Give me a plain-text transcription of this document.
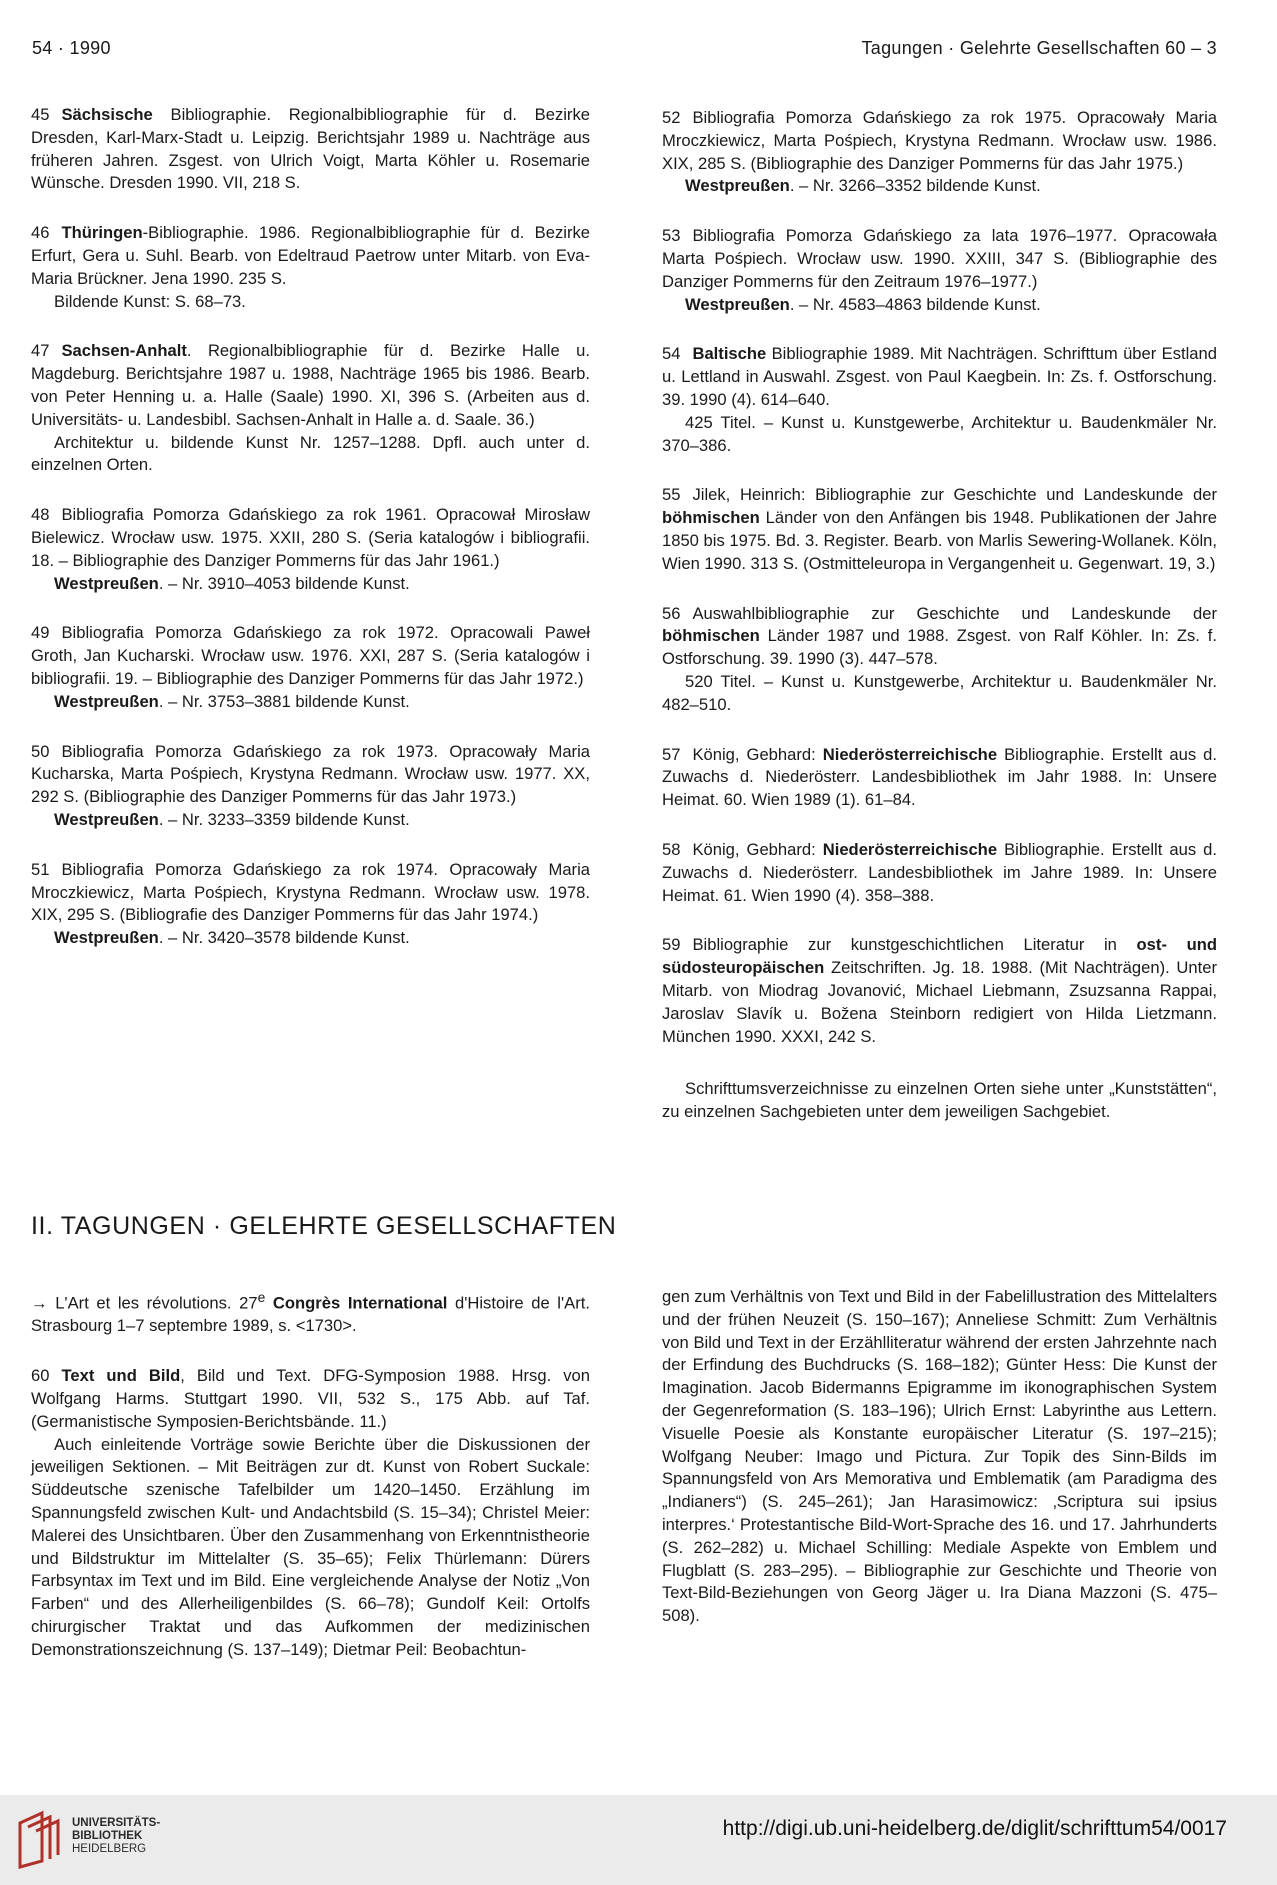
54 · 1990	Tagungen · Gelehrte Gesellschaften 60 – 3

45 Sächsische Bibliographie. Regionalbibliographie für d. Bezirke Dresden, Karl-Marx-Stadt u. Leipzig. Berichtsjahr 1989 u. Nachträge aus früheren Jahren. Zsgest. von Ulrich Voigt, Marta Köhler u. Rosemarie Wünsche. Dresden 1990. VII, 218 S.

46 Thüringen-Bibliographie. 1986. Regionalbibliographie für d. Bezirke Erfurt, Gera u. Suhl. Bearb. von Edeltraud Paetrow unter Mitarb. von Eva-Maria Brückner. Jena 1990. 235 S.

Bildende Kunst: S. 68–73.

47 Sachsen-Anhalt. Regionalbibliographie für d. Bezirke Halle u. Magdeburg. Berichtsjahre 1987 u. 1988, Nachträge 1965 bis 1986. Bearb. von Peter Henning u. a. Halle (Saale) 1990. XI, 396 S. (Arbeiten aus d. Universitäts- u. Landesbibl. Sachsen-Anhalt in Halle a. d. Saale. 36.)

Architektur u. bildende Kunst Nr. 1257–1288. Dpfl. auch unter d. einzelnen Orten.

48 Bibliografia Pomorza Gdańskiego za rok 1961. Opracował Mirosław Bielewicz. Wrocław usw. 1975. XXII, 280 S. (Seria katalogów i bibliografii. 18. – Bibliographie des Danziger Pommerns für das Jahr 1961.)

Westpreußen. – Nr. 3910–4053 bildende Kunst.

49 Bibliografia Pomorza Gdańskiego za rok 1972. Opracowali Paweł Groth, Jan Kucharski. Wrocław usw. 1976. XXI, 287 S. (Seria katalogów i bibliografii. 19. – Bibliographie des Danziger Pommerns für das Jahr 1972.)

Westpreußen. – Nr. 3753–3881 bildende Kunst.

50 Bibliografia Pomorza Gdańskiego za rok 1973. Opracowały Maria Kucharska, Marta Pośpiech, Krystyna Redmann. Wrocław usw. 1977. XX, 292 S. (Bibliographie des Danziger Pommerns für das Jahr 1973.)

Westpreußen. – Nr. 3233–3359 bildende Kunst.

51 Bibliografia Pomorza Gdańskiego za rok 1974. Opracowały Maria Mroczkiewicz, Marta Pośpiech, Krystyna Redmann. Wrocław usw. 1978. XIX, 295 S. (Bibliografie des Danziger Pommerns für das Jahr 1974.)

Westpreußen. – Nr. 3420–3578 bildende Kunst.

52 Bibliografia Pomorza Gdańskiego za rok 1975. Opracowały Maria Mroczkiewicz, Marta Pośpiech, Krystyna Redmann. Wrocław usw. 1986. XIX, 285 S. (Bibliographie des Danziger Pommerns für das Jahr 1975.)

Westpreußen. – Nr. 3266–3352 bildende Kunst.

53 Bibliografia Pomorza Gdańskiego za lata 1976–1977. Opracowała Marta Pośpiech. Wrocław usw. 1990. XXIII, 347 S. (Bibliographie des Danziger Pommerns für den Zeitraum 1976–1977.)

Westpreußen. – Nr. 4583–4863 bildende Kunst.

54 Baltische Bibliographie 1989. Mit Nachträgen. Schrifttum über Estland u. Lettland in Auswahl. Zsgest. von Paul Kaegbein. In: Zs. f. Ostforschung. 39. 1990 (4). 614–640.

425 Titel. – Kunst u. Kunstgewerbe, Architektur u. Baudenkmäler Nr. 370–386.

55 Jilek, Heinrich: Bibliographie zur Geschichte und Landeskunde der böhmischen Länder von den Anfängen bis 1948. Publikationen der Jahre 1850 bis 1975. Bd. 3. Register. Bearb. von Marlis Sewering-Wollanek. Köln, Wien 1990. 313 S. (Ostmitteleuropa in Vergangenheit u. Gegenwart. 19, 3.)

56 Auswahlbibliographie zur Geschichte und Landeskunde der böhmischen Länder 1987 und 1988. Zsgest. von Ralf Köhler. In: Zs. f. Ostforschung. 39. 1990 (3). 447–578.

520 Titel. – Kunst u. Kunstgewerbe, Architektur u. Baudenkmäler Nr. 482–510.

57 König, Gebhard: Niederösterreichische Bibliographie. Erstellt aus d. Zuwachs d. Niederösterr. Landesbibliothek im Jahr 1988. In: Unsere Heimat. 60. Wien 1989 (1). 61–84.

58 König, Gebhard: Niederösterreichische Bibliographie. Erstellt aus d. Zuwachs d. Niederösterr. Landesbibliothek im Jahre 1989. In: Unsere Heimat. 61. Wien 1990 (4). 358–388.

59 Bibliographie zur kunstgeschichtlichen Literatur in ost- und südosteuropäischen Zeitschriften. Jg. 18. 1988. (Mit Nachträgen). Unter Mitarb. von Miodrag Jovanović, Michael Liebmann, Zsuzsanna Rappai, Jaroslav Slavík u. Božena Steinborn redigiert von Hilda Lietzmann. München 1990. XXXI, 242 S.

Schrifttumsverzeichnisse zu einzelnen Orten siehe unter „Kunststätten“, zu einzelnen Sachgebieten unter dem jeweiligen Sachgebiet.

II. TAGUNGEN · GELEHRTE GESELLSCHAFTEN

→ L'Art et les révolutions. 27e Congrès International d'Histoire de l'Art. Strasbourg 1–7 septembre 1989, s. <1730>.

60 Text und Bild, Bild und Text. DFG-Symposion 1988. Hrsg. von Wolfgang Harms. Stuttgart 1990. VII, 532 S., 175 Abb. auf Taf. (Germanistische Symposien-Berichtsbände. 11.)

Auch einleitende Vorträge sowie Berichte über die Diskussionen der jeweiligen Sektionen. – Mit Beiträgen zur dt. Kunst von Robert Suckale: Süddeutsche szenische Tafelbilder um 1420–1450. Erzählung im Spannungsfeld zwischen Kult- und Andachtsbild (S. 15–34); Christel Meier: Malerei des Unsichtbaren. Über den Zusammenhang von Erkenntnistheorie und Bildstruktur im Mittelalter (S. 35–65); Felix Thürlemann: Dürers Farbsyntax im Text und im Bild. Eine vergleichende Analyse der Notiz „Von Farben“ und des Allerheiligenbildes (S. 66–78); Gundolf Keil: Ortolfs chirurgischer Traktat und das Aufkommen der medizinischen Demonstrationszeichnung (S. 137–149); Dietmar Peil: Beobachtun-

gen zum Verhältnis von Text und Bild in der Fabelillustration des Mittelalters und der frühen Neuzeit (S. 150–167); Anneliese Schmitt: Zum Verhältnis von Bild und Text in der Erzählliteratur während der ersten Jahrzehnte nach der Erfindung des Buchdrucks (S. 168–182); Günter Hess: Die Kunst der Imagination. Jacob Bidermanns Epigramme im ikonographischen System der Gegenreformation (S. 183–196); Ulrich Ernst: Labyrinthe aus Lettern. Visuelle Poesie als Konstante europäischer Literatur (S. 197–215); Wolfgang Neuber: Imago und Pictura. Zur Topik des Sinn-Bilds im Spannungsfeld von Ars Memorativa und Emblematik (am Paradigma des „Indianers“) (S. 245–261); Jan Harasimowicz: ‚Scriptura sui ipsius interpres.‘ Protestantische Bild-Wort-Sprache des 16. und 17. Jahrhunderts (S. 262–282) u. Michael Schilling: Mediale Aspekte von Emblem und Flugblatt (S. 283–295). – Bibliographie zur Geschichte und Theorie von Text-Bild-Beziehungen von Georg Jäger u. Ira Diana Mazzoni (S. 475–508).

UNIVERSITÄTS-
BIBLIOTHEK
HEIDELBERG
http://digi.ub.uni-heidelberg.de/diglit/schrifttum54/0017
